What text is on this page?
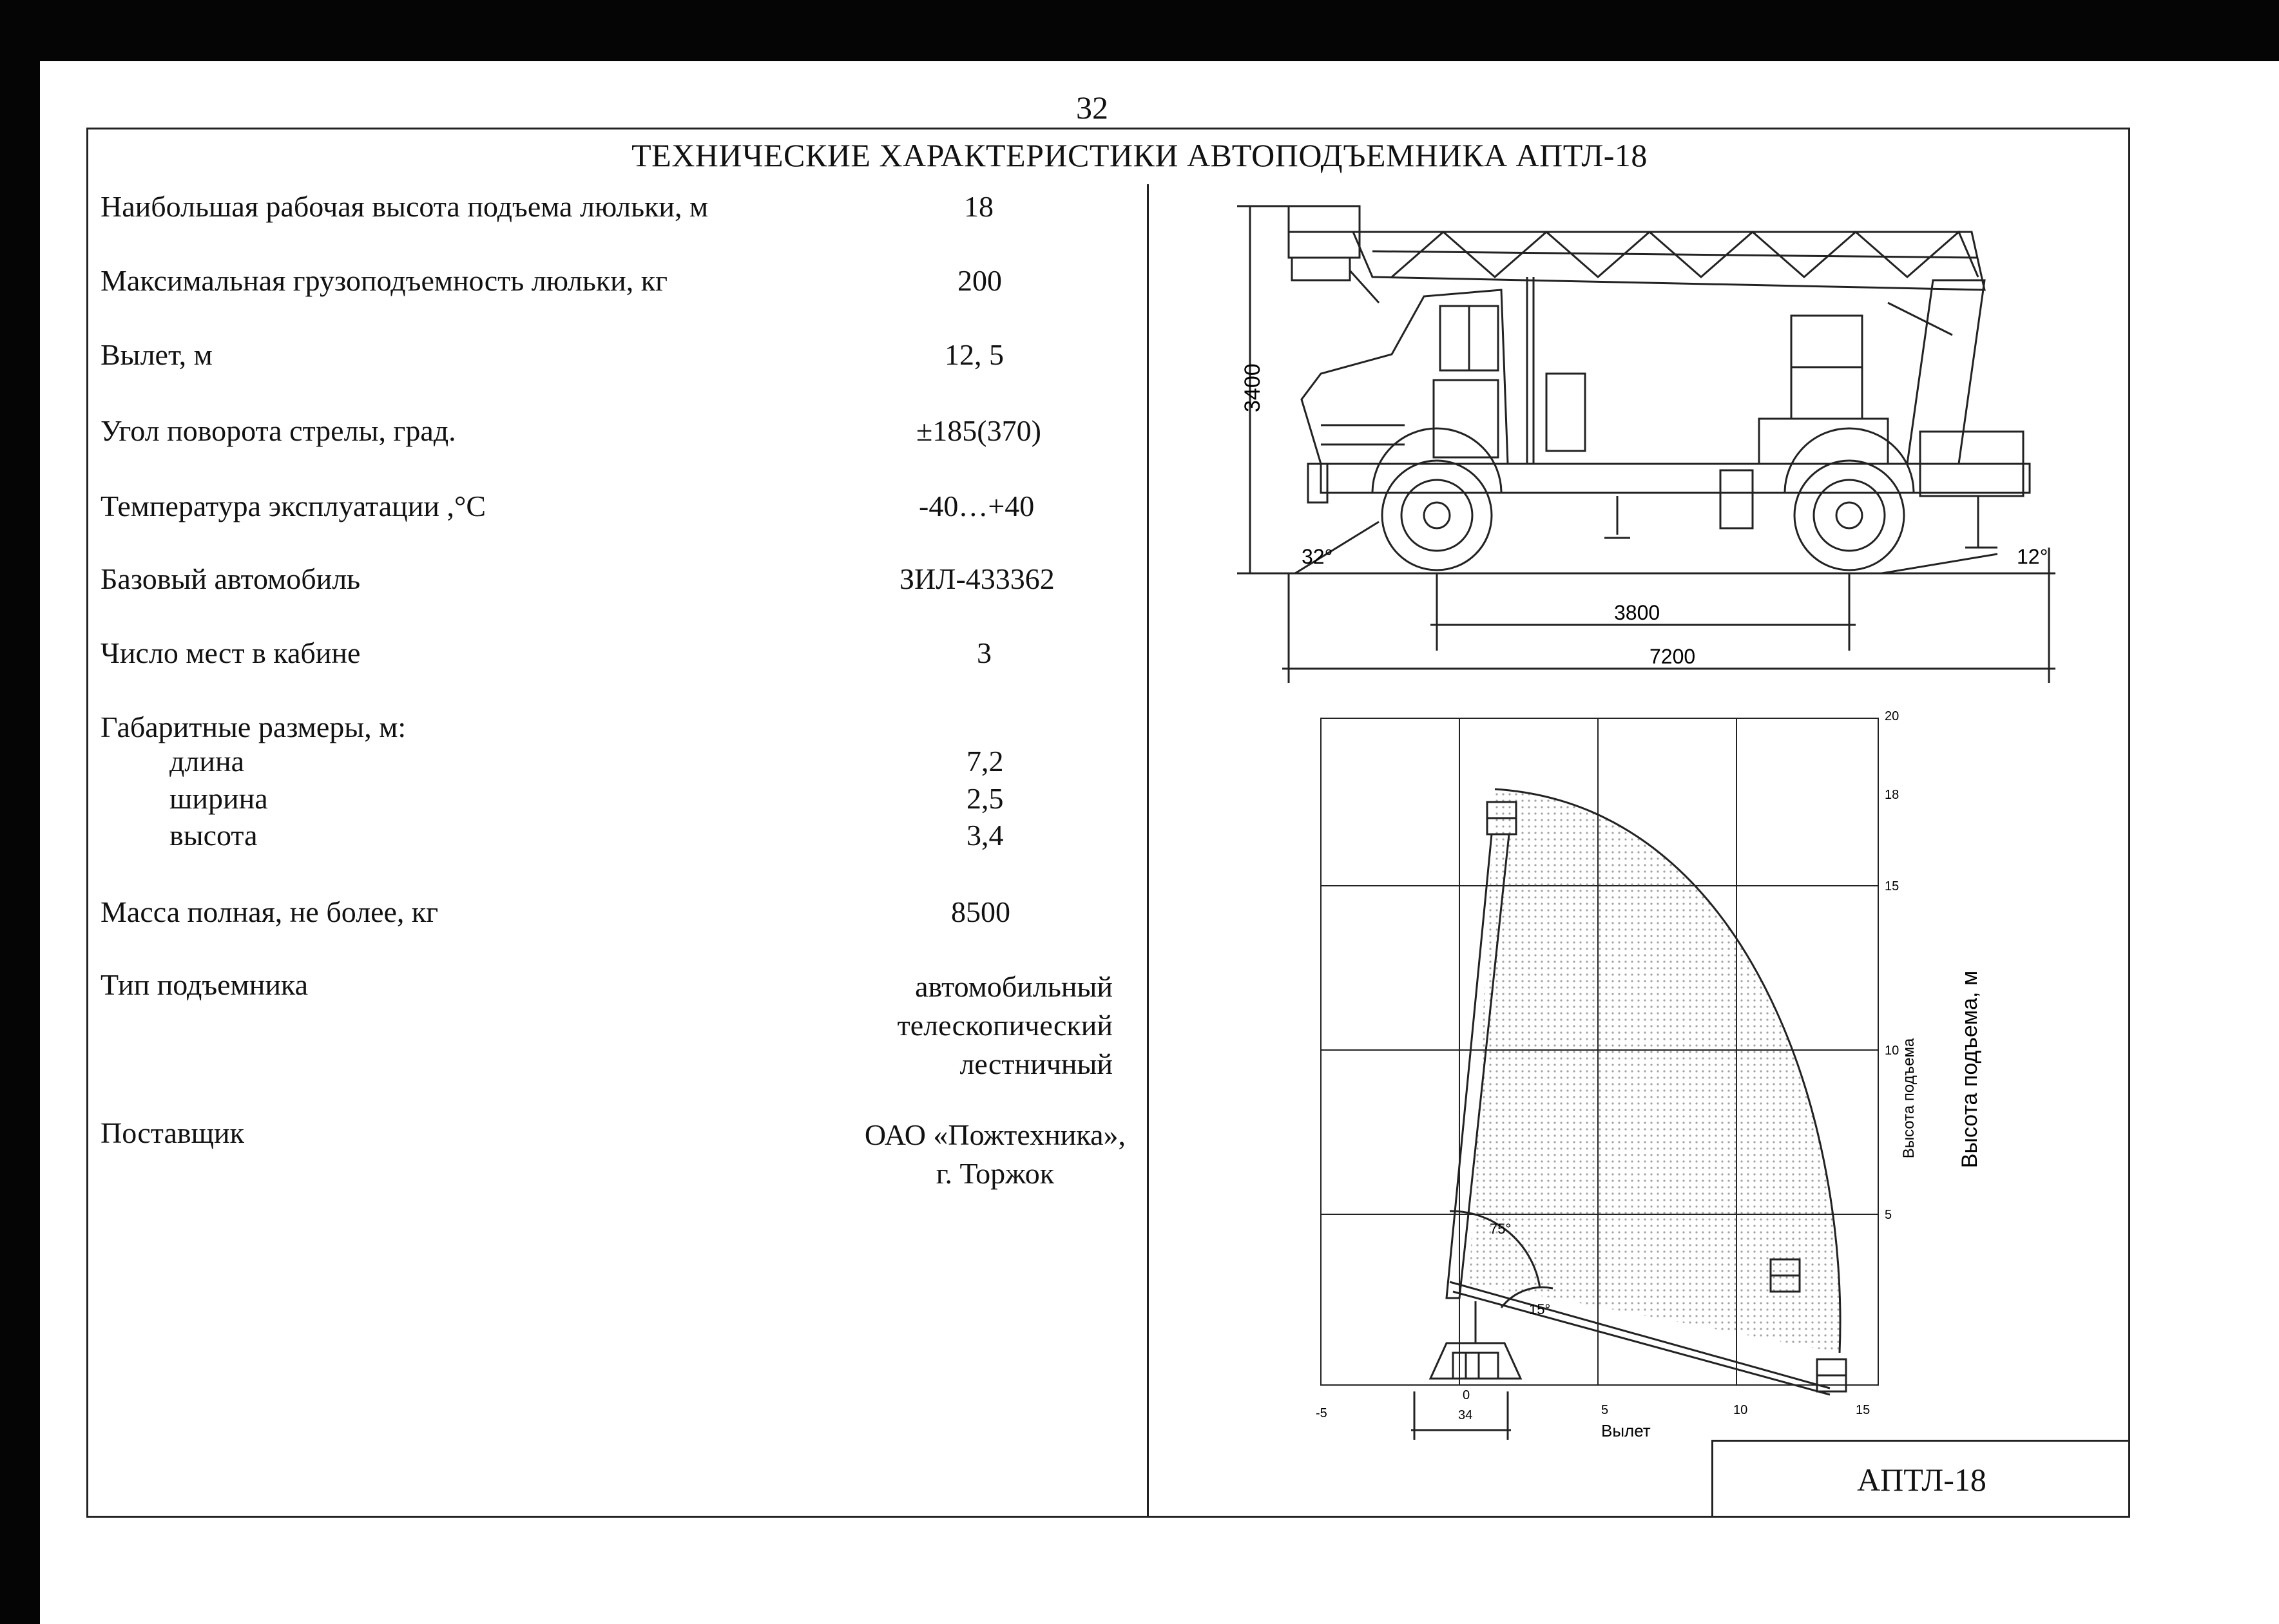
32
ТЕХНИЧЕСКИЕ ХАРАКТЕРИСТИКИ АВТОПОДЪЕМНИКА АПТЛ-18
Наибольшая рабочая высота подъема люльки, м	18
Максимальная грузоподъемность люльки, кг	200
Вылет, м	12, 5
Угол поворота стрелы, град.	±185(370)
Температура эксплуатации ,°С	-40…+40
Базовый автомобиль	ЗИЛ-433362
Число мест в кабине	3
Габаритные размеры, м:
длина	7,2
ширина	2,5
высота	3,4
Масса полная, не более, кг	8500
Тип подъемника	автомобильный
телескопический
лестничный
Поставщик	ОАО «Пожтехника»,
г. Торжок
3400
3800
7200
32°	12°
20
18
15
10
5
-5
0
5	10	15
34
Вылет
75°
15°
Высота подъема Высота подъема, м
АПТЛ-18
